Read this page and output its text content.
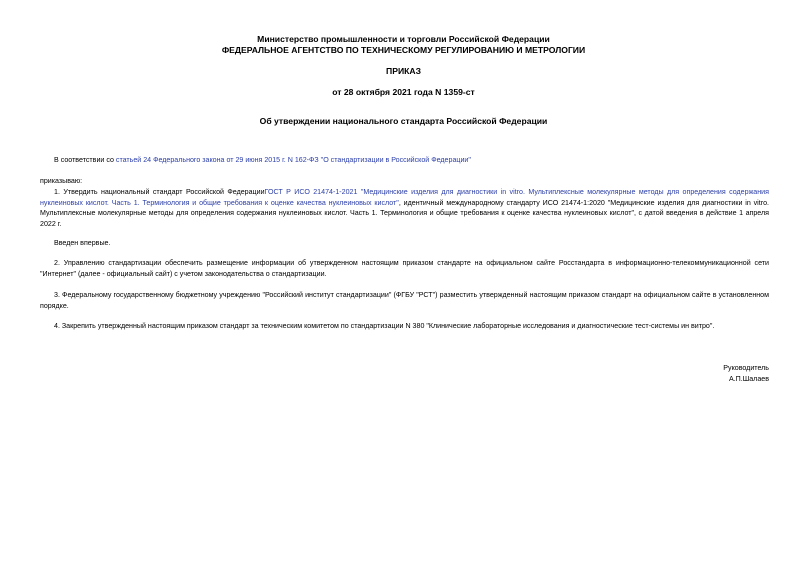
Министерство промышленности и торговли Российской Федерации
ФЕДЕРАЛЬНОЕ АГЕНТСТВО ПО ТЕХНИЧЕСКОМУ РЕГУЛИРОВАНИЮ И МЕТРОЛОГИИ
ПРИКАЗ
от 28 октября 2021 года N 1359-ст
Об утверждении национального стандарта Российской Федерации
В соответствии со статьей 24 Федерального закона от 29 июня 2015 г. N 162-ФЗ "О стандартизации в Российской Федерации"
приказываю:
1. Утвердить национальный стандарт Российской ФедерацииГОСТ Р ИСО 21474-1-2021 "Медицинские изделия для диагностики in vitro. Мультиплексные молекулярные методы для определения содержания нуклеиновых кислот. Часть 1. Терминология и общие требования к оценке качества нуклеиновых кислот", идентичный международному стандарту ИСО 21474-1:2020 "Медицинские изделия для диагностики in vitro. Мультиплексные молекулярные методы для определения содержания нуклеиновых кислот. Часть 1. Терминология и общие требования к оценке качества нуклеиновых кислот", с датой введения в действие 1 апреля 2022 г.
Введен впервые.
2. Управлению стандартизации обеспечить размещение информации об утвержденном настоящим приказом стандарте на официальном сайте Росстандарта в информационно-телекоммуникационной сети "Интернет" (далее - официальный сайт) с учетом законодательства о стандартизации.
3. Федеральному государственному бюджетному учреждению "Российский институт стандартизации" (ФГБУ "РСТ") разместить утвержденный настоящим приказом стандарт на официальном сайте в установленном порядке.
4. Закрепить утвержденный настоящим приказом стандарт за техническим комитетом по стандартизации N 380 "Клинические лабораторные исследования и диагностические тест-системы ин витро".
Руководитель
А.П.Шалаев
